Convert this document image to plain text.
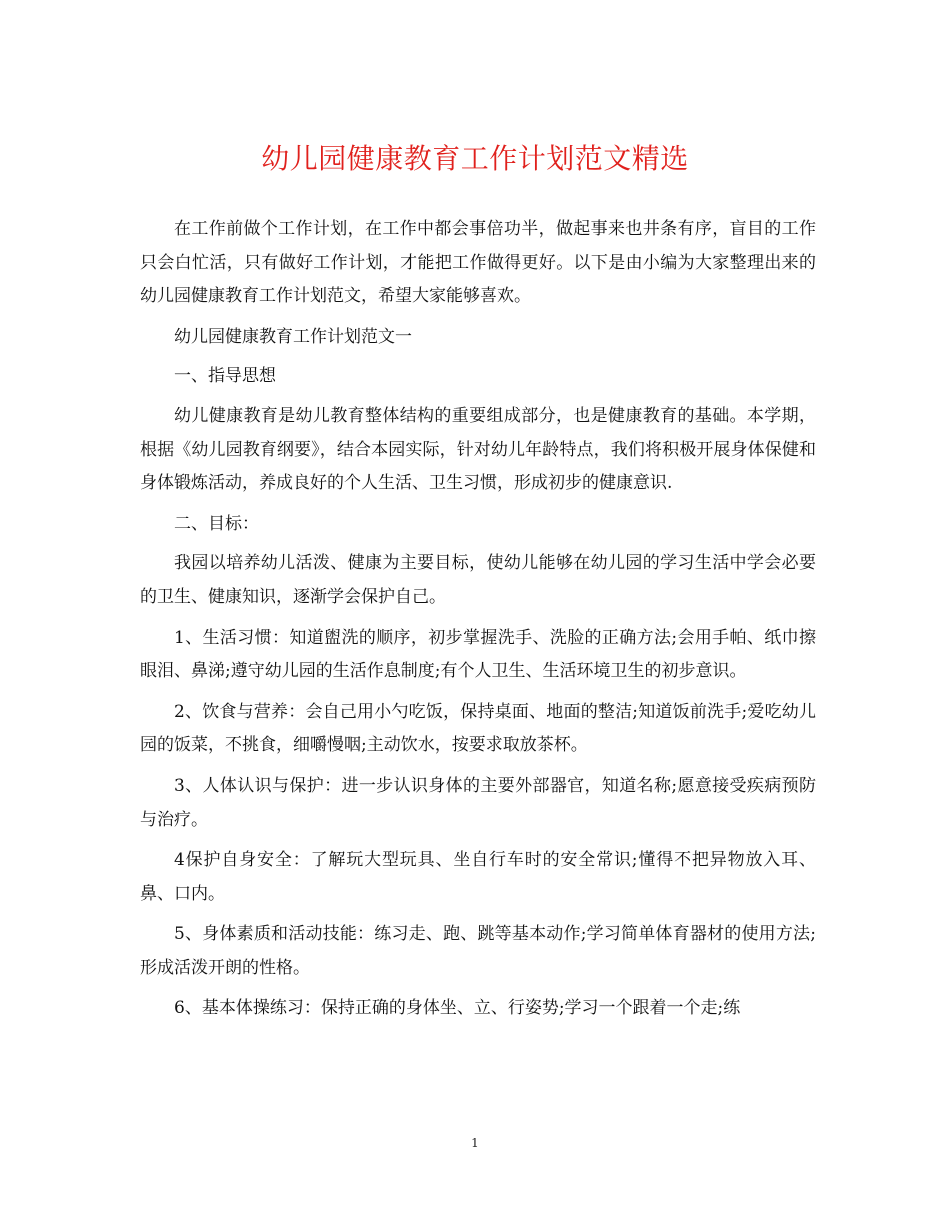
幼儿园健康教育工作计划范文精选

在工作前做个工作计划，在工作中都会事倍功半，做起事来也井条有序，盲目的工作只会白忙活，只有做好工作计划，才能把工作做得更好。以下是由小编为大家整理出来的幼儿园健康教育工作计划范文，希望大家能够喜欢。

幼儿园健康教育工作计划范文一

一、指导思想

幼儿健康教育是幼儿教育整体结构的重要组成部分，也是健康教育的基础。本学期，根据《幼儿园教育纲要》，结合本园实际，针对幼儿年龄特点，我们将积极开展身体保健和身体锻炼活动，养成良好的个人生活、卫生习惯，形成初步的健康意识.

二、目标：

我园以培养幼儿活泼、健康为主要目标，使幼儿能够在幼儿园的学习生活中学会必要的卫生、健康知识，逐渐学会保护自己。

1、生活习惯：知道盥洗的顺序，初步掌握洗手、洗脸的正确方法;会用手帕、纸巾擦眼泪、鼻涕;遵守幼儿园的生活作息制度;有个人卫生、生活环境卫生的初步意识。

2、饮食与营养：会自己用小勺吃饭，保持桌面、地面的整洁;知道饭前洗手;爱吃幼儿园的饭菜，不挑食，细嚼慢咽;主动饮水，按要求取放茶杯。

3、人体认识与保护：进一步认识身体的主要外部器官，知道名称;愿意接受疾病预防与治疗。

4保护自身安全：了解玩大型玩具、坐自行车时的安全常识;懂得不把异物放入耳、鼻、口内。

5、身体素质和活动技能：练习走、跑、跳等基本动作;学习简单体育器材的使用方法;形成活泼开朗的性格。

6、基本体操练习：保持正确的身体坐、立、行姿势;学习一个跟着一个走;练

1
